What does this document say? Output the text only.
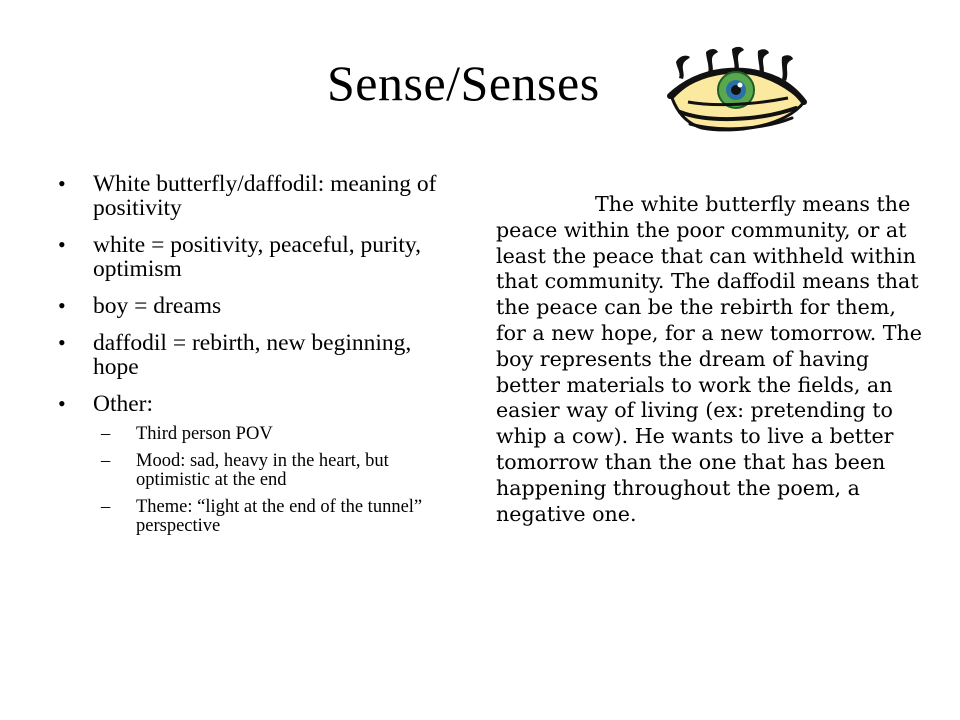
Sense/Senses
• White butterfly/daffodil: meaning of positivity
• white = positivity, peaceful, purity, optimism
• boy = dreams
• daffodil = rebirth, new beginning, hope
• Other:
– Third person POV
– Mood: sad, heavy in the heart, but optimistic at the end
– Theme: “light at the end of the tunnel” perspective
The white butterfly means the peace within the poor community, or at least the peace that can withheld within that community. The daffodil means that the peace can be the rebirth for them, for a new hope, for a new tomorrow. The boy represents the dream of having better materials to work the fields, an easier way of living (ex: pretending to whip a cow). He wants to live a better tomorrow than the one that has been happening throughout the poem, a negative one.
